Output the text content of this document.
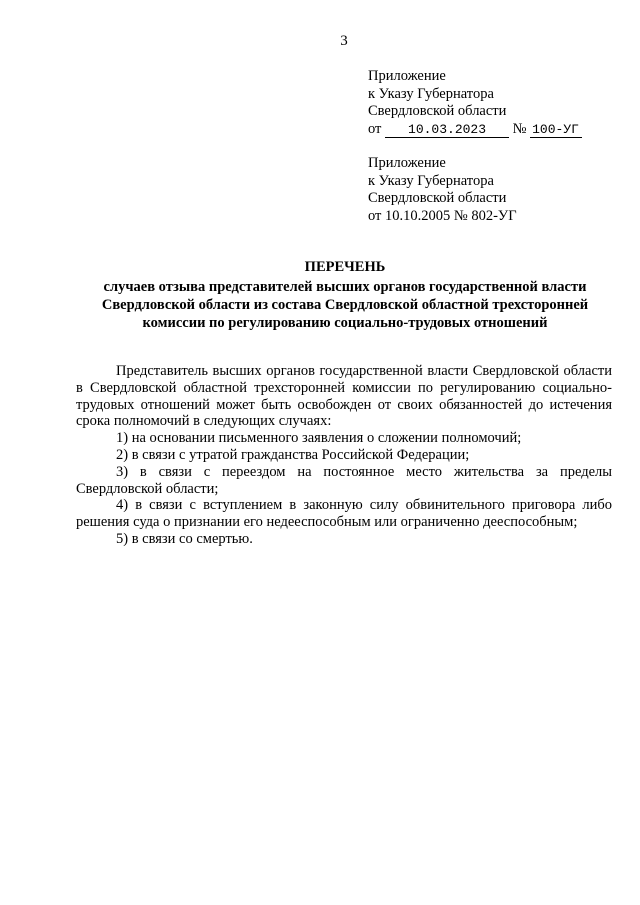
3
Приложение
к Указу Губернатора
Свердловской области
от 10.03.2023 № 100-УГ
Приложение
к Указу Губернатора
Свердловской области
от 10.10.2005 № 802-УГ
ПЕРЕЧЕНЬ
случаев отзыва представителей высших органов государственной власти Свердловской области из состава Свердловской областной трехсторонней комиссии по регулированию социально-трудовых отношений

Представитель высших органов государственной власти Свердловской области в Свердловской областной трехсторонней комиссии по регулированию социально-трудовых отношений может быть освобожден от своих обязанностей до истечения срока полномочий в следующих случаях:

1) на основании письменного заявления о сложении полномочий;

2) в связи с утратой гражданства Российской Федерации;

3) в связи с переездом на постоянное место жительства за пределы Свердловской области;

4) в связи с вступлением в законную силу обвинительного приговора либо решения суда о признании его недееспособным или ограниченно дееспособным;

5) в связи со смертью.
